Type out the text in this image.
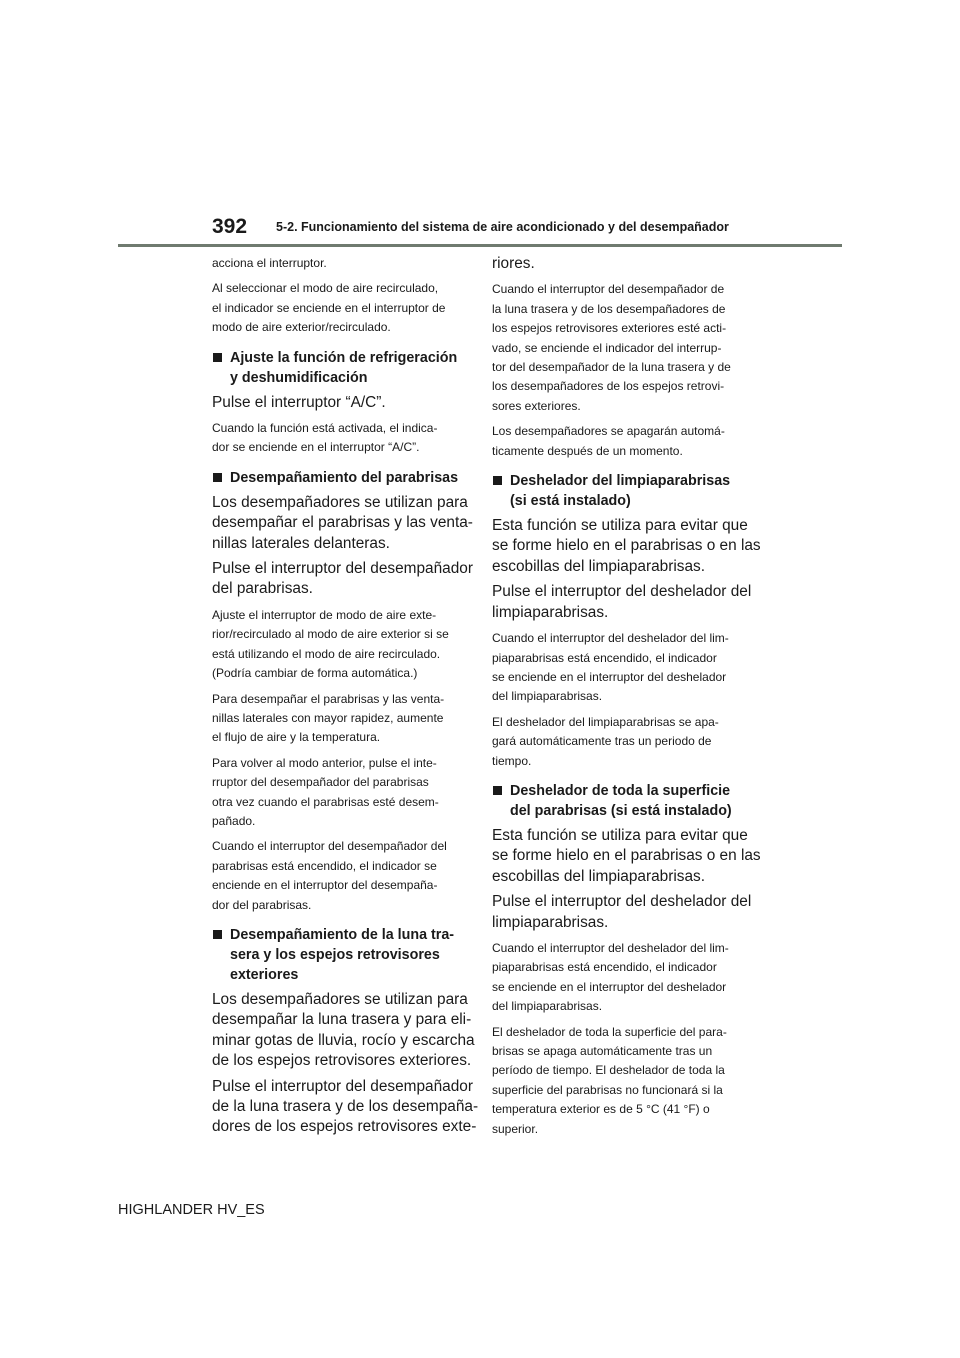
392 5-2. Funcionamiento del sistema de aire acondicionado y del desempañador

acciona el interruptor.

Al seleccionar el modo de aire recirculado,

el indicador se enciende en el interruptor de

modo de aire exterior/recirculado.

Ajuste la función de refrigeración

y deshumidificación

Pulse el interruptor “A/C”.

Cuando la función está activada, el indica-

dor se enciende en el interruptor “A/C”.

Desempañamiento del parabrisas

Los desempañadores se utilizan para

desempañar el parabrisas y las venta-

nillas laterales delanteras.

Pulse el interruptor del desempañador

del parabrisas.

Ajuste el interruptor de modo de aire exte-

rior/recirculado al modo de aire exterior si se

está utilizando el modo de aire recirculado.

(Podría cambiar de forma automática.)

Para desempañar el parabrisas y las venta-

nillas laterales con mayor rapidez, aumente

el flujo de aire y la temperatura.

Para volver al modo anterior, pulse el inte-

rruptor del desempañador del parabrisas

otra vez cuando el parabrisas esté desem-

pañado.

Cuando el interruptor del desempañador del

parabrisas está encendido, el indicador se

enciende en el interruptor del desempaña-

dor del parabrisas.

Desempañamiento de la luna tra-

sera y los espejos retrovisores

exteriores

Los desempañadores se utilizan para

desempañar la luna trasera y para eli-

minar gotas de lluvia, rocío y escarcha

de los espejos retrovisores exteriores.

Pulse el interruptor del desempañador

de la luna trasera y de los desempaña-

dores de los espejos retrovisores exte-

riores.

Cuando el interruptor del desempañador de

la luna trasera y de los desempañadores de

los espejos retrovisores exteriores esté acti-

vado, se enciende el indicador del interrup-

tor del desempañador de la luna trasera y de

los desempañadores de los espejos retrovi-

sores exteriores.

Los desempañadores se apagarán automá-

ticamente después de un momento.

Deshelador del limpiaparabrisas

(si está instalado)

Esta función se utiliza para evitar que

se forme hielo en el parabrisas o en las

escobillas del limpiaparabrisas.

Pulse el interruptor del deshelador del

limpiaparabrisas.

Cuando el interruptor del deshelador del lim-

piaparabrisas está encendido, el indicador

se enciende en el interruptor del deshelador

del limpiaparabrisas.

El deshelador del limpiaparabrisas se apa-

gará automáticamente tras un periodo de

tiempo.

Deshelador de toda la superficie

del parabrisas (si está instalado)

Esta función se utiliza para evitar que

se forme hielo en el parabrisas o en las

escobillas del limpiaparabrisas.

Pulse el interruptor del deshelador del

limpiaparabrisas.

Cuando el interruptor del deshelador del lim-

piaparabrisas está encendido, el indicador

se enciende en el interruptor del deshelador

del limpiaparabrisas.

El deshelador de toda la superficie del para-

brisas se apaga automáticamente tras un

período de tiempo. El deshelador de toda la

superficie del parabrisas no funcionará si la

temperatura exterior es de 5 °C (41 °F) o

superior.

HIGHLANDER HV_ES
